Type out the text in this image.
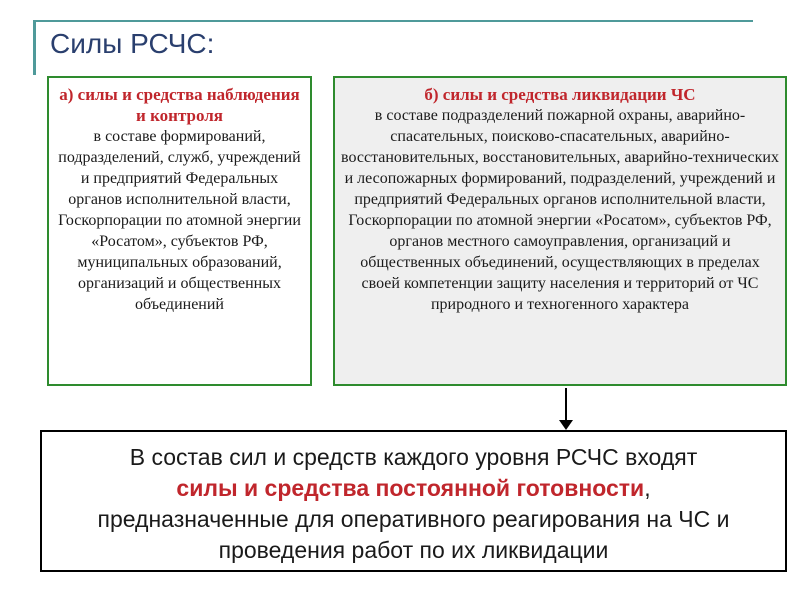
Силы РСЧС:
а) силы и средства наблюдения и контроля
в составе формирований, подразделений, служб, учреждений и предприятий Федеральных органов исполнительной власти, Госкорпорации по атомной энергии «Росатом», субъектов РФ, муниципальных образований, организаций и общественных объединений
б) силы и средства ликвидации ЧС
в составе подразделений пожарной охраны, аварийно-спасательных, поисково-спасательных, аварийно-восстановительных, восстановительных, аварийно-технических и лесопожарных формирований, подразделений, учреждений и предприятий Федеральных органов исполнительной власти, Госкорпорации по атомной энергии «Росатом», субъектов РФ, органов местного самоуправления, организаций и общественных объединений, осуществляющих в пределах своей компетенции защиту населения и территорий от ЧС природного и техногенного характера
В состав сил и средств каждого уровня РСЧС входят
силы и средства постоянной готовности,
предназначенные для оперативного реагирования на ЧС и проведения работ по их ликвидации
